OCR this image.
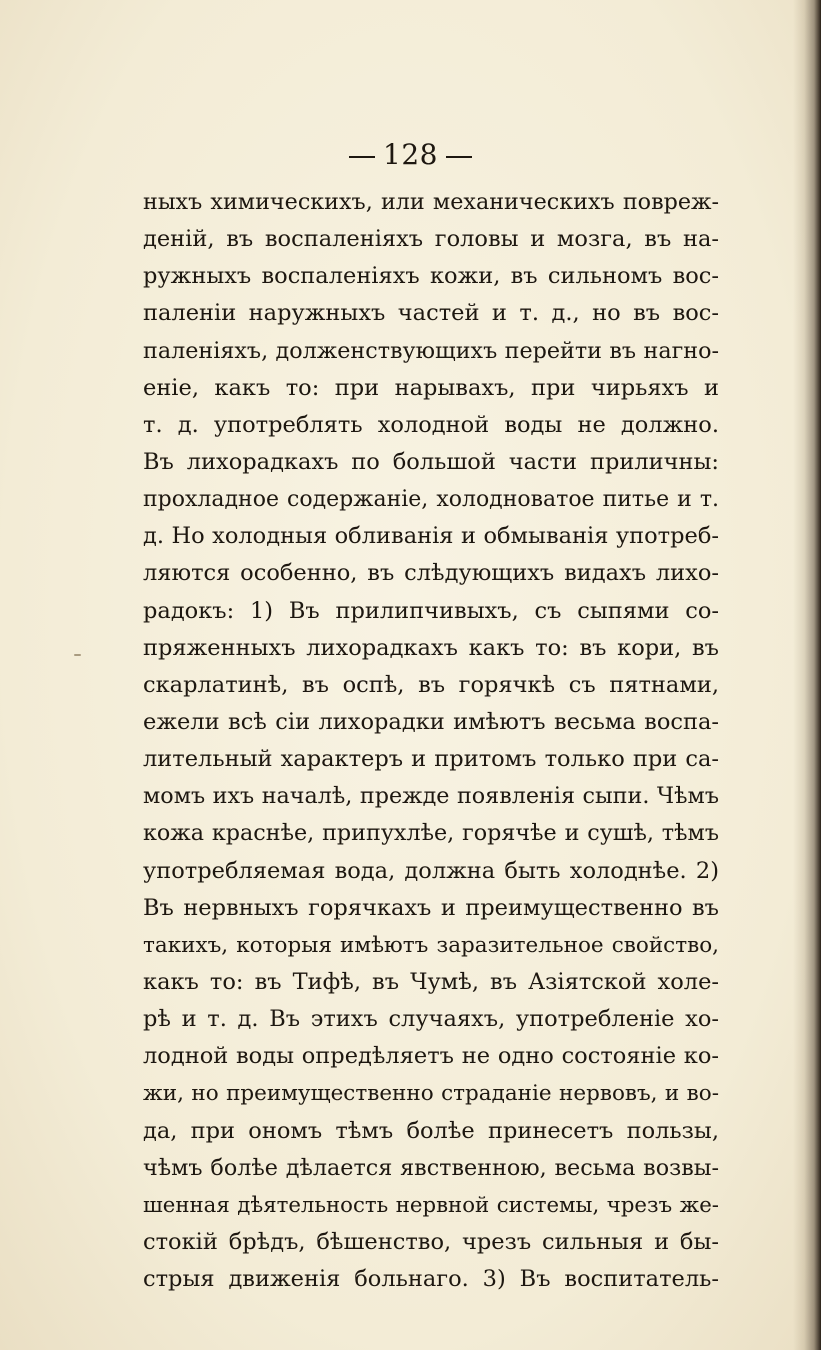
128
ныхъ химическихъ, или механическихъ повреж-
деній, въ воспаленіяхъ головы и мозга, въ на-
ружныхъ воспаленіяхъ кожи, въ сильномъ вос-
паленіи наружныхъ частей и т. д., но въ вос-
паленіяхъ, долженствующихъ перейти въ нагно-
еніе, какъ то: при нарывахъ, при чирьяхъ и
т. д. употреблять холодной воды не должно.
Въ лихорадкахъ по большой части приличны:
прохладное содержаніе, холодноватое питье и т.
д. Но холодныя обливанія и обмыванія употреб-
ляются особенно, въ слѣдующихъ видахъ лихо-
радокъ: 1) Въ прилипчивыхъ, съ сыпями со-
пряженныхъ лихорадкахъ какъ то: въ кори, въ
скарлатинѣ, въ оспѣ, въ горячкѣ съ пятнами,
ежели всѣ сіи лихорадки имѣютъ весьма воспа-
лительный характеръ и притомъ только при са-
момъ ихъ началѣ, прежде появленія сыпи. Чѣмъ
кожа краснѣе, припухлѣе, горячѣе и сушѣ, тѣмъ
употребляемая вода, должна быть холоднѣе. 2)
Въ нервныхъ горячкахъ и преимущественно въ
такихъ, которыя имѣютъ заразительное свойство,
какъ то: въ Тифѣ, въ Чумѣ, въ Азіятской холе-
рѣ и т. д. Въ этихъ случаяхъ, употребленіе хо-
лодной воды опредѣляетъ не одно состояніе ко-
жи, но преимущественно страданіе нервовъ, и во-
да, при ономъ тѣмъ болѣе принесетъ пользы,
чѣмъ болѣе дѣлается явственною, весьма возвы-
шенная дѣятельность нервной системы, чрезъ же-
стокій брѣдъ, бѣшенство, чрезъ сильныя и бы-
стрыя движенія больнаго. 3) Въ воспитатель-
